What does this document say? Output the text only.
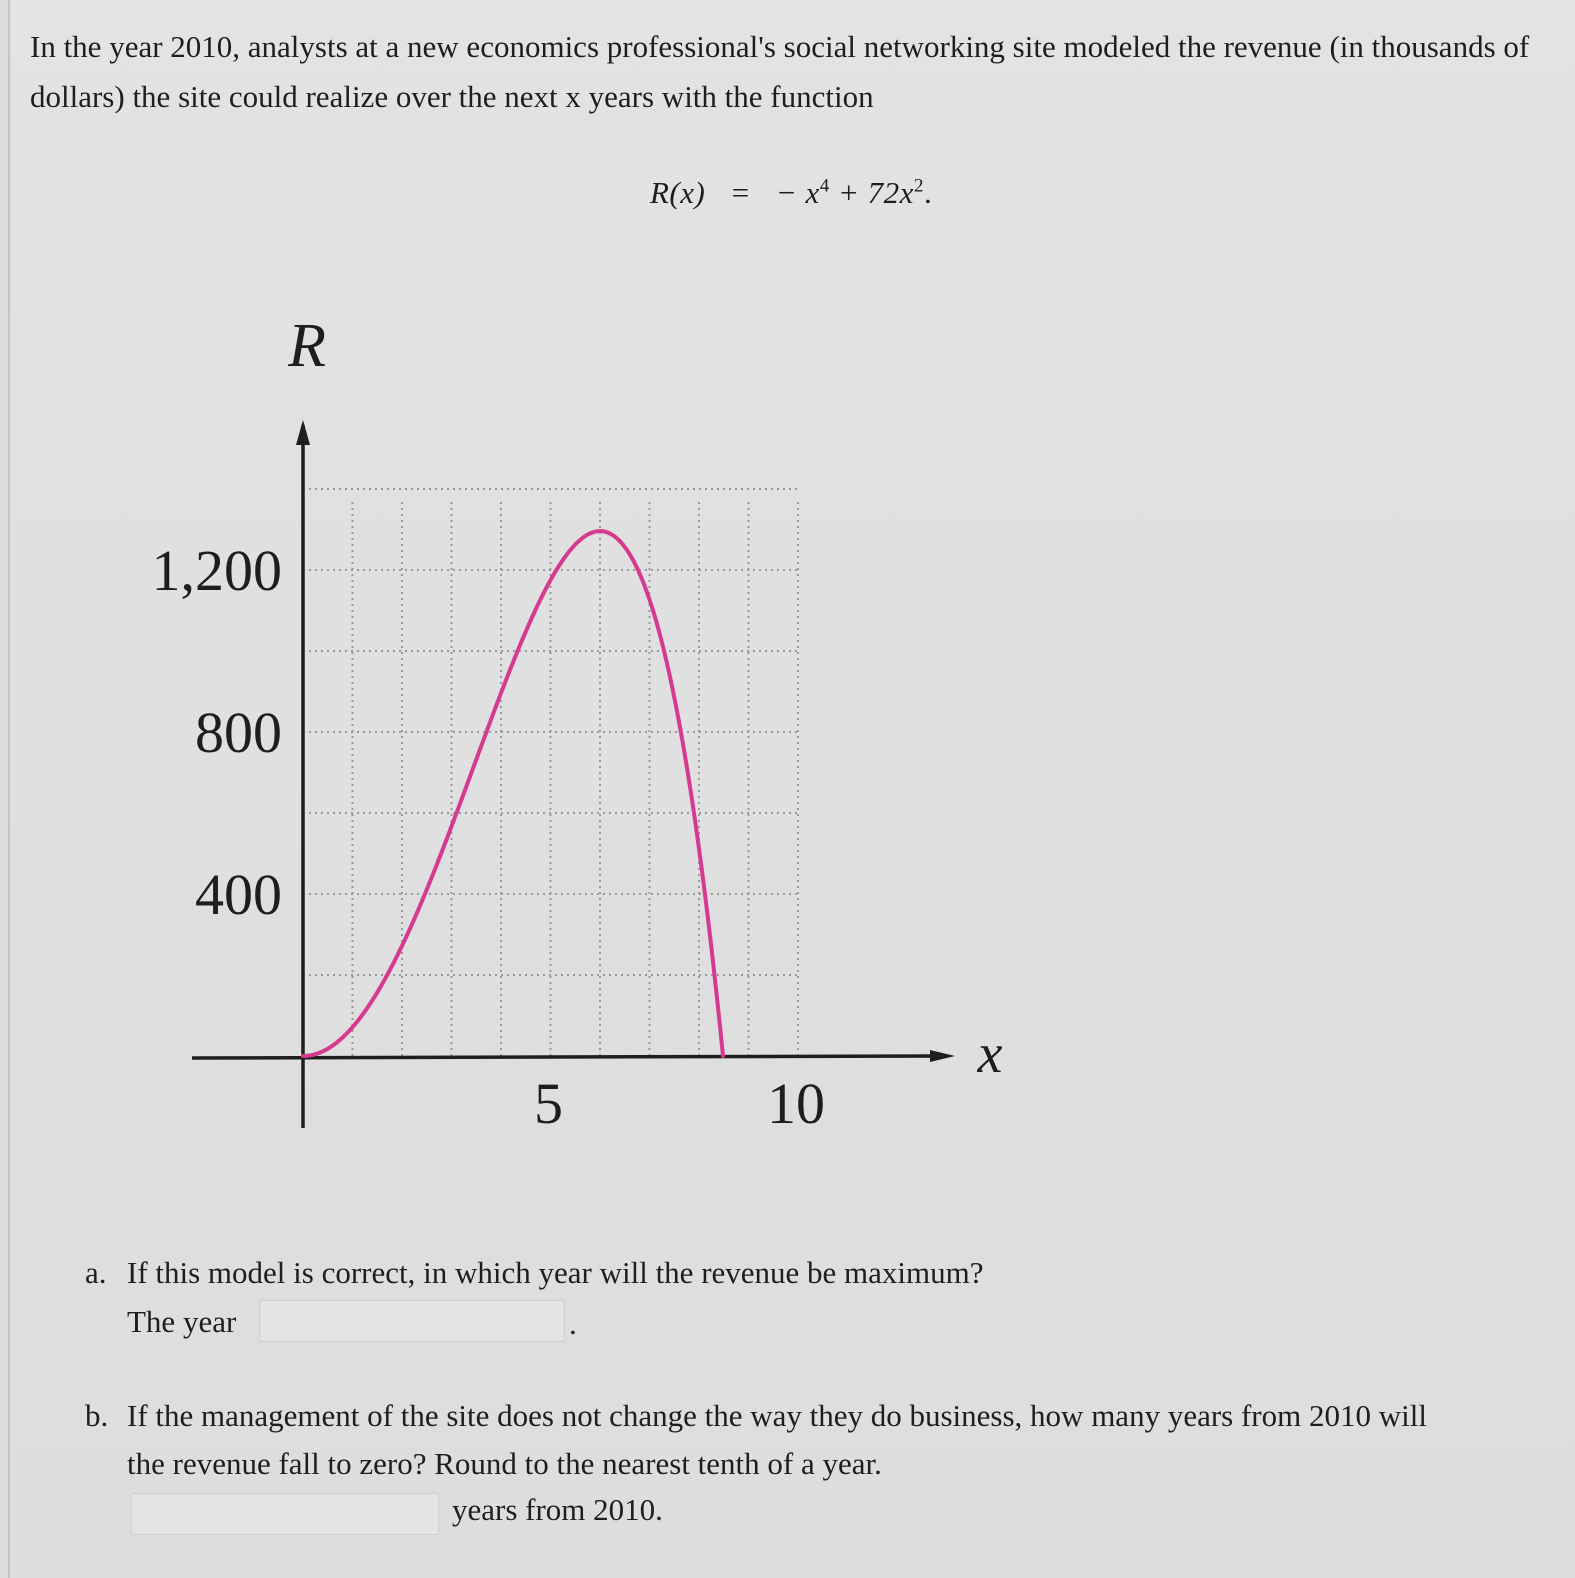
In the year 2010, analysts at a new economics professional's social networking site modeled the revenue (in thousands of dollars) the site could realize over the next x years with the function

R(x) = − $x^4 + 72x^2$.
R
x
400
800
1,200
5	10
a. If this model is correct, in which year will the revenue be maximum?
The year	.
b. If the management of the site does not change the way they do business, how many years from 2010 will
the revenue fall to zero? Round to the nearest tenth of a year.
years from 2010.
